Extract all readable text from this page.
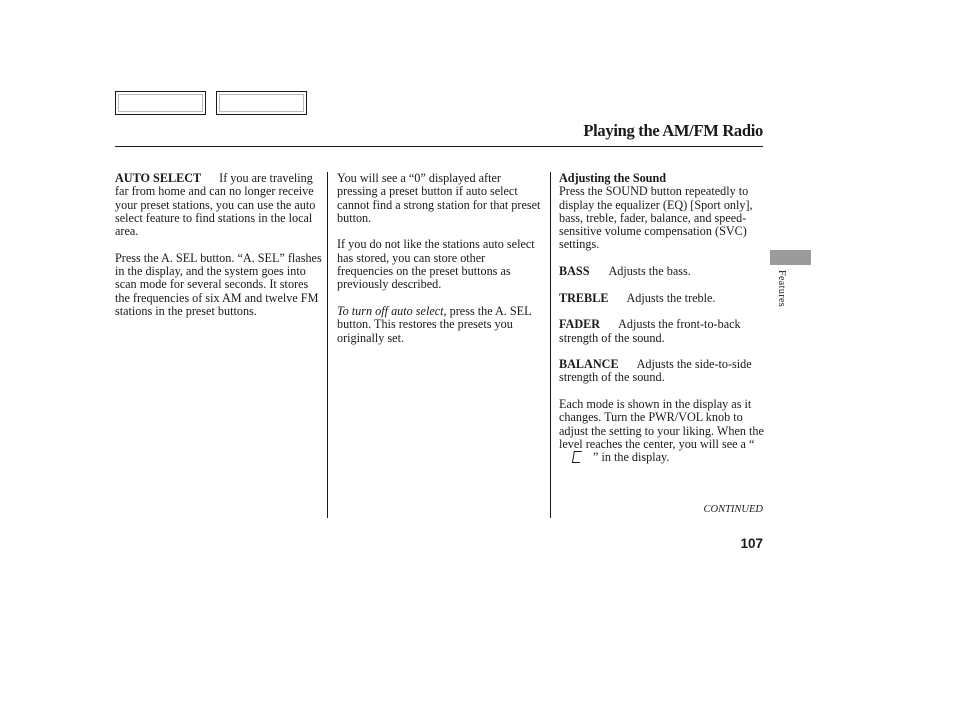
Playing the AM/FM Radio

AUTO SELECT If you are traveling far from home and can no longer receive your preset stations, you can use the auto select feature to find stations in the local area.

Press the A. SEL button. “A. SEL” flashes in the display, and the system goes into scan mode for several seconds. It stores the frequencies of six AM and twelve FM stations in the preset buttons.

You will see a “0” displayed after pressing a preset button if auto select cannot find a strong station for that preset button.

If you do not like the stations auto select has stored, you can store other frequencies on the preset buttons as previously described.

To turn off auto select, press the A. SEL button. This restores the presets you originally set.

Adjusting the Sound

Press the SOUND button repeatedly to display the equalizer (EQ) [Sport only], bass, treble, fader, balance, and speed-sensitive volume compensation (SVC) settings.

BASS Adjusts the bass.

TREBLE Adjusts the treble.

FADER Adjusts the front-to-back strength of the sound.

BALANCE Adjusts the side-to-side strength of the sound.

Each mode is shown in the display as it changes. Turn the PWR/VOL knob to adjust the setting to your liking. When the level reaches the center, you will see a “” in the display.

CONTINUED
107
Features
